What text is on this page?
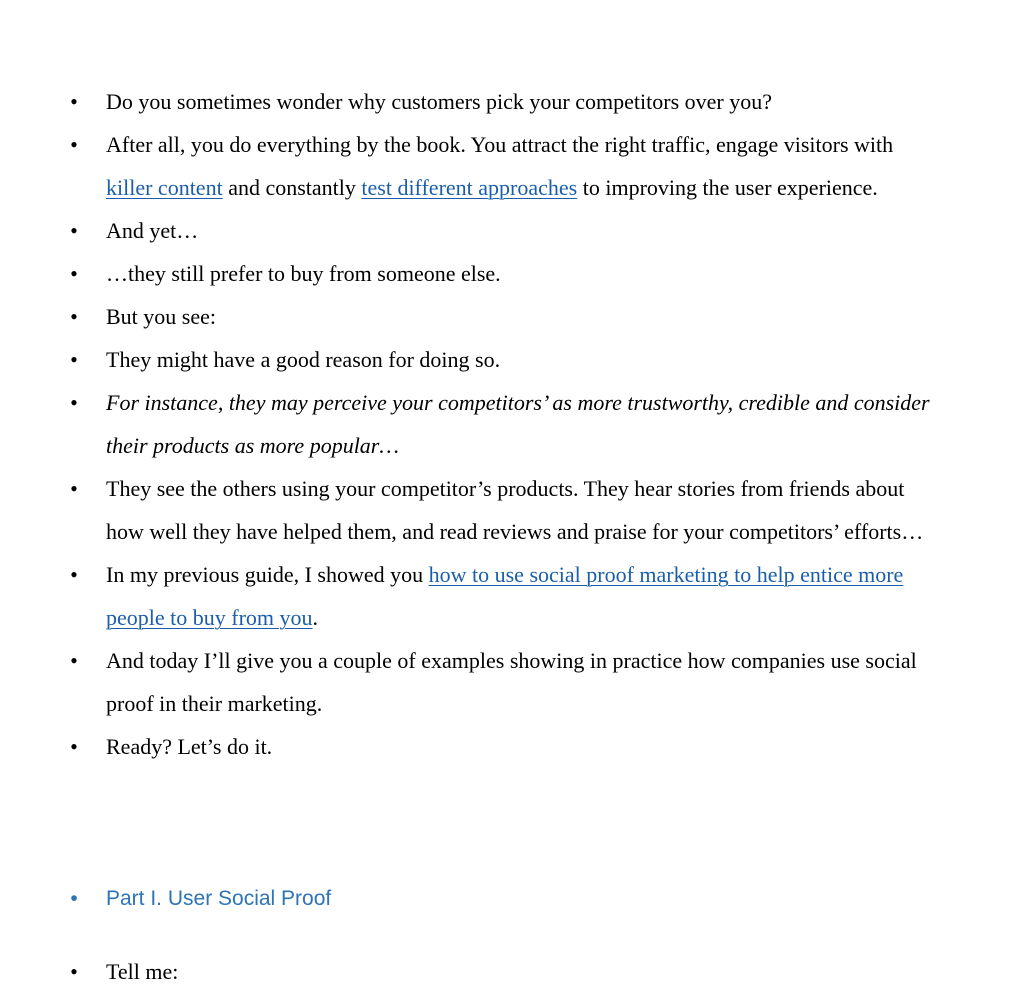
• Do you sometimes wonder why customers pick your competitors over you?
• After all, you do everything by the book. You attract the right traffic, engage visitors with killer content and constantly test different approaches to improving the user experience.
• And yet…
• …they still prefer to buy from someone else.
• But you see:
• They might have a good reason for doing so.
• For instance, they may perceive your competitors’ as more trustworthy, credible and consider their products as more popular…
• They see the others using your competitor’s products. They hear stories from friends about how well they have helped them, and read reviews and praise for your competitors’ efforts…
• In my previous guide, I showed you how to use social proof marketing to help entice more people to buy from you.
• And today I’ll give you a couple of examples showing in practice how companies use social proof in their marketing.
• Ready? Let’s do it.
• Part I. User Social Proof
• Tell me:
